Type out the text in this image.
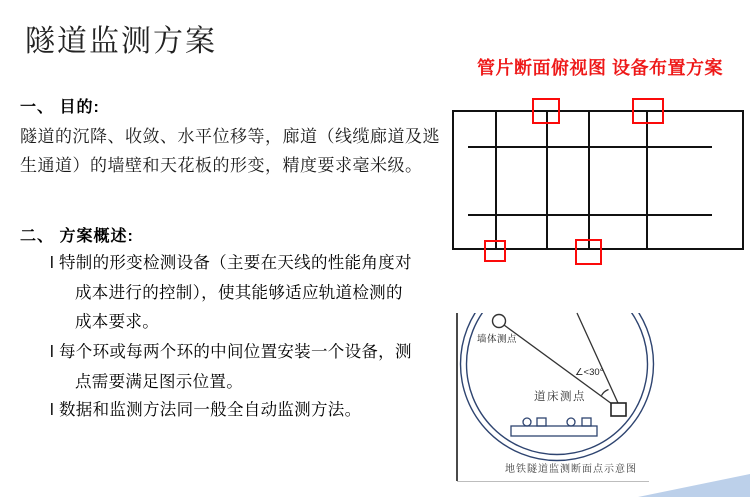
隧道监测方案
一、 目的:
隧道的沉降、收敛、水平位移等，廊道（线缆廊道及逃
生通道）的墙壁和天花板的形变，精度要求毫米级。
二、 方案概述:
l 特制的形变检测设备（主要在天线的性能角度对
成本进行的控制），使其能够适应轨道检测的
成本要求。
l 每个环或每两个环的中间位置安装一个设备，测
点需要满足图示位置。
l 数据和监测方法同一般全自动监测方法。
管片断面俯视图 设备布置方案
墙体测点
∠<30°
道床测点
地铁隧道监测断面点示意图
